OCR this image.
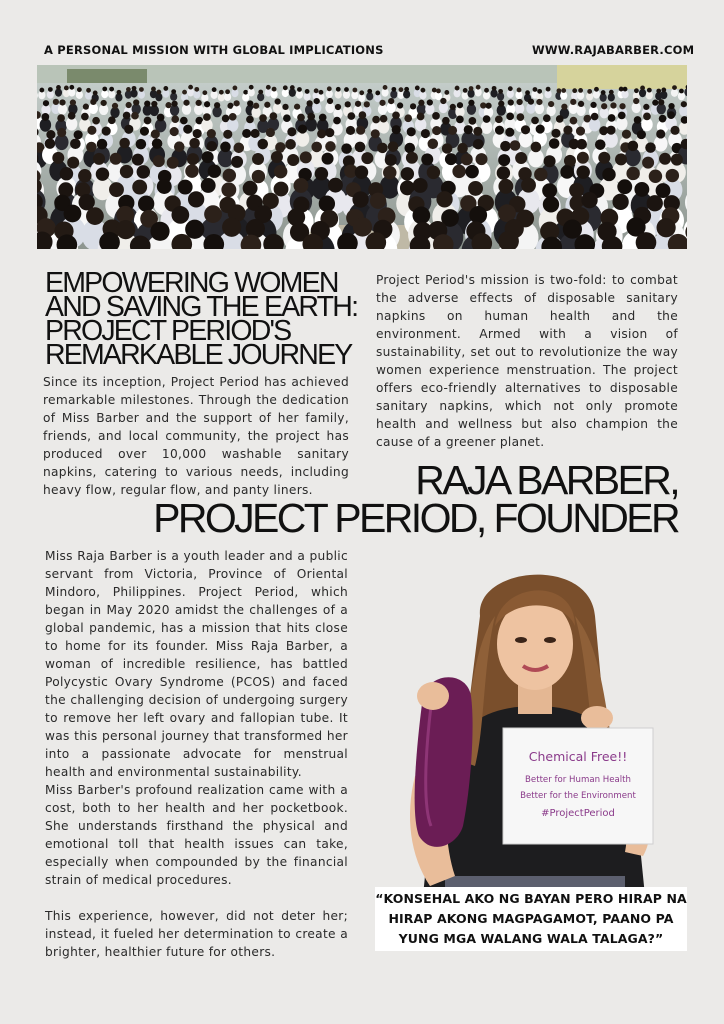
A PERSONAL MISSION WITH GLOBAL IMPLICATIONS	WWW.RAJABARBER.COM
EMPOWERING WOMEN AND SAVING THE EARTH: PROJECT PERIOD'S REMARKABLE JOURNEY

Since its inception, Project Period has achieved remarkable milestones. Through the dedication of Miss Barber and the support of her family, friends, and local community, the project has produced over 10,000 washable sanitary napkins, catering to various needs, including heavy flow, regular flow, and panty liners.

Project Period's mission is two-fold: to combat the adverse effects of disposable sanitary napkins on human health and the environment. Armed with a vision of sustainability, set out to revolutionize the way women experience menstruation. The project offers eco-friendly alternatives to disposable sanitary napkins, which not only promote health and wellness but also champion the cause of a greener planet.

RAJA BARBER,
PROJECT PERIOD, FOUNDER

Miss Raja Barber is a youth leader and a public servant from Victoria, Province of Oriental Mindoro, Philippines. Project Period, which began in May 2020 amidst the challenges of a global pandemic, has a mission that hits close to home for its founder. Miss Raja Barber, a woman of incredible resilience, has battled Polycystic Ovary Syndrome (PCOS) and faced the challenging decision of undergoing surgery to remove her left ovary and fallopian tube. It was this personal journey that transformed her into a passionate advocate for menstrual health and environmental sustainability.

Miss Barber's profound realization came with a cost, both to her health and her pocketbook. She understands firsthand the physical and emotional toll that health issues can take, especially when compounded by the financial strain of medical procedures.

This experience, however, did not deter her; instead, it fueled her determination to create a brighter, healthier future for others.

Chemical Free!!
Better for Human Health
Better for the Environment
#ProjectPeriod
“KONSEHAL AKO NG BAYAN PERO HIRAP NA HIRAP AKONG MAGPAGAMOT, PAANO PA YUNG MGA WALANG WALA TALAGA?”
